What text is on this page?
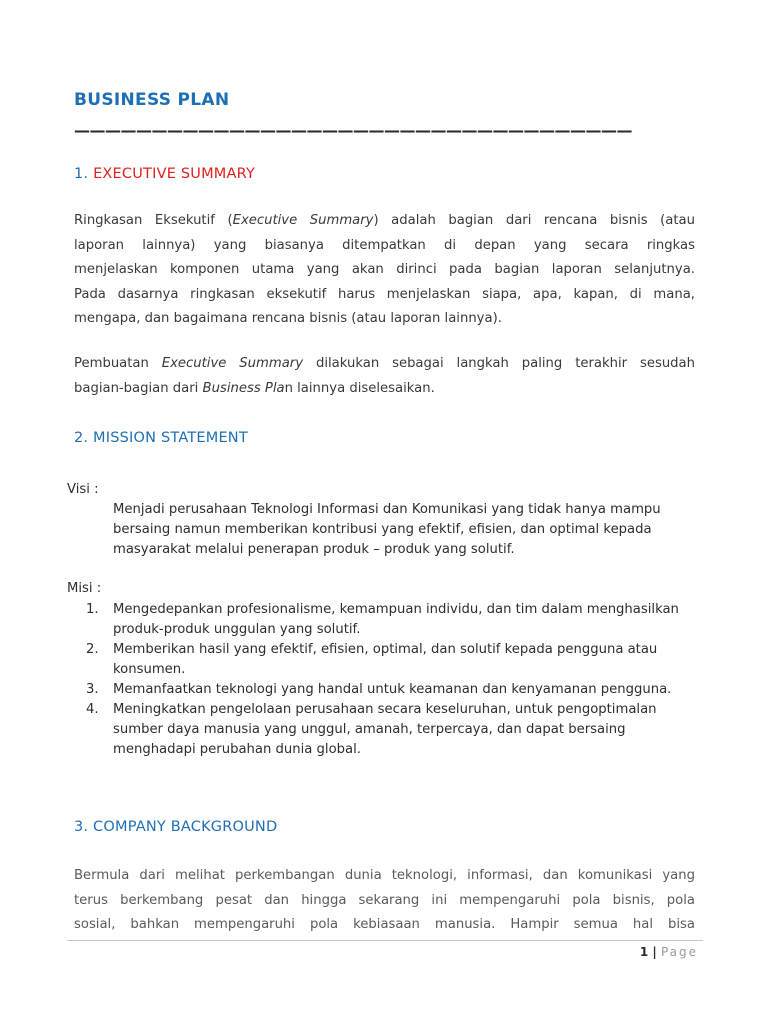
BUSINESS PLAN
————————————————————————————————————
1. EXECUTIVE SUMMARY
Ringkasan Eksekutif (Executive Summary) adalah bagian dari rencana bisnis (atau
laporan lainnya) yang biasanya ditempatkan di depan yang secara ringkas
menjelaskan komponen utama yang akan dirinci pada bagian laporan selanjutnya.
Pada dasarnya ringkasan eksekutif harus menjelaskan siapa, apa, kapan, di mana,
mengapa, dan bagaimana rencana bisnis (atau laporan lainnya).
Pembuatan Executive Summary dilakukan sebagai langkah paling terakhir sesudah
bagian-bagian dari Business Plan lainnya diselesaikan.
2. MISSION STATEMENT
Visi :
Menjadi perusahaan Teknologi Informasi dan Komunikasi yang tidak hanya mampu bersaing namun memberikan kontribusi yang efektif, efisien, dan optimal kepada masyarakat melalui penerapan produk – produk yang solutif.
Misi :
1.	Mengedepankan profesionalisme, kemampuan individu, dan tim dalam menghasilkan produk-produk unggulan yang solutif.
2.	Memberikan hasil yang efektif, efisien, optimal, dan solutif kepada pengguna atau konsumen.
3.	Memanfaatkan teknologi yang handal untuk keamanan dan kenyamanan pengguna.
4.	Meningkatkan pengelolaan perusahaan secara keseluruhan, untuk pengoptimalan sumber daya manusia yang unggul, amanah, terpercaya, dan dapat bersaing menghadapi perubahan dunia global.
3. COMPANY BACKGROUND
Bermula dari melihat perkembangan dunia teknologi, informasi, dan komunikasi yang
terus berkembang pesat dan hingga sekarang ini mempengaruhi pola bisnis, pola
sosial, bahkan mempengaruhi pola kebiasaan manusia. Hampir semua hal bisa
1 | Page
